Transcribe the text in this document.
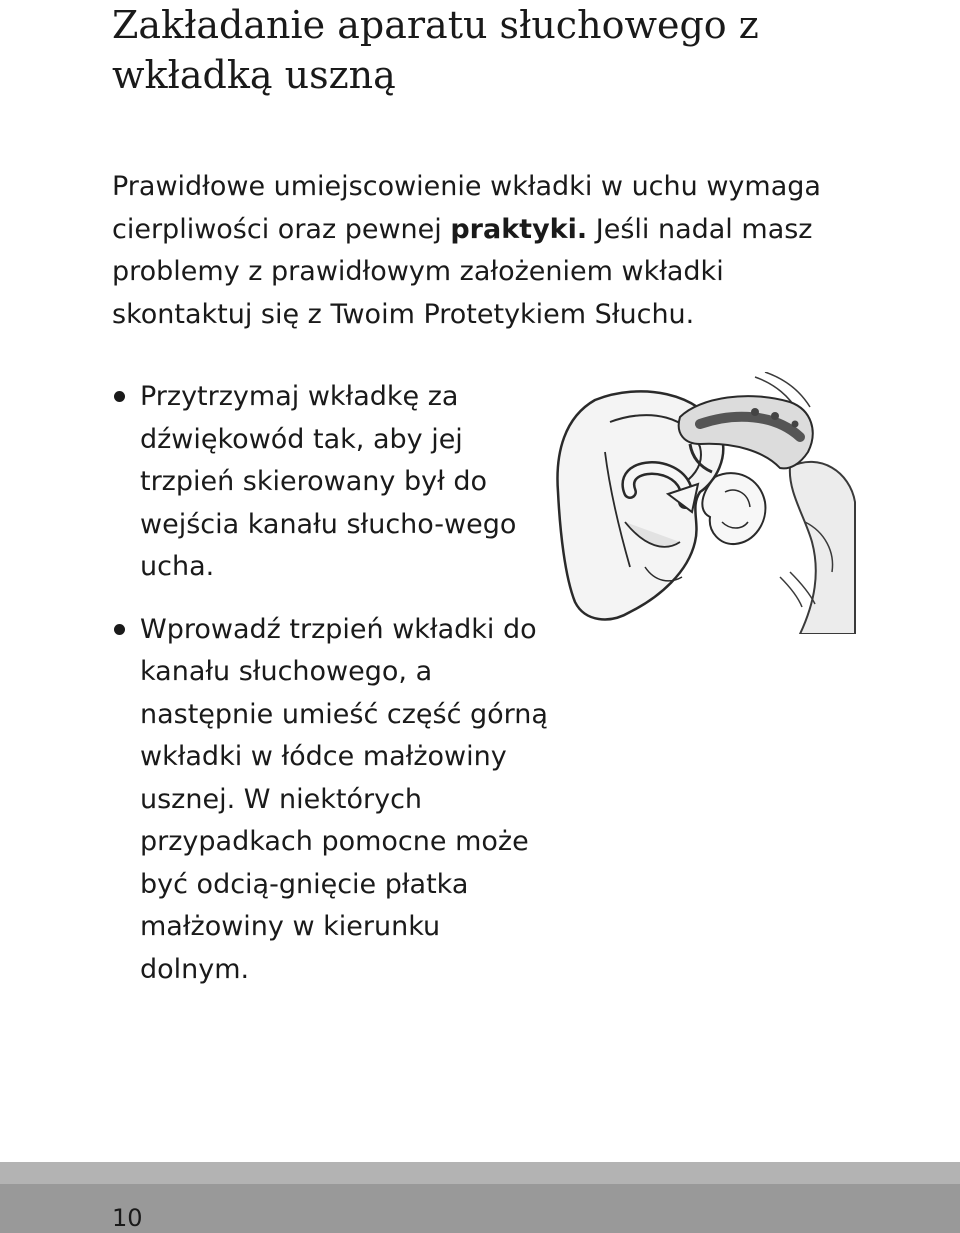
Zakładanie aparatu słuchowego z wkładką uszną

Prawidłowe umiejscowienie wkładki w uchu wymaga cierpliwości oraz pewnej praktyki. Jeśli nadal masz problemy z prawidłowym założeniem wkładki skontaktuj się z Twoim Protetykiem Słuchu.

Przytrzymaj wkładkę za dźwiękowód tak, aby jej trzpień skierowany był do wejścia kanału słucho-wego ucha.
Wprowadź trzpień wkładki do kanału słuchowego, a następnie umieść część górną wkładki w łódce małżowiny usznej. W niektórych przypadkach pomocne może być odcią-gnięcie płatka małżowiny w kierunku dolnym.
10
